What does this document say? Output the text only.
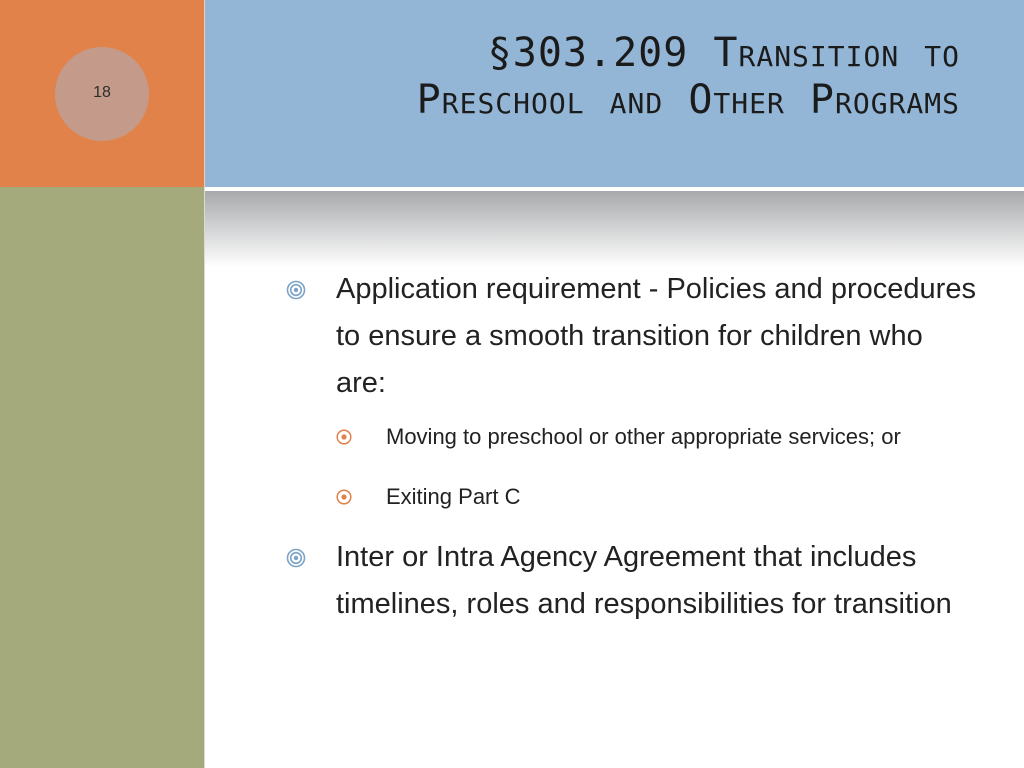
18
§303.209 Transition to
Preschool and Other Programs
Application requirement - Policies and procedures to ensure a smooth transition for children who are:
Moving to preschool or other appropriate services; or
Exiting Part C
Inter or Intra Agency Agreement that includes timelines, roles and responsibilities for transition
